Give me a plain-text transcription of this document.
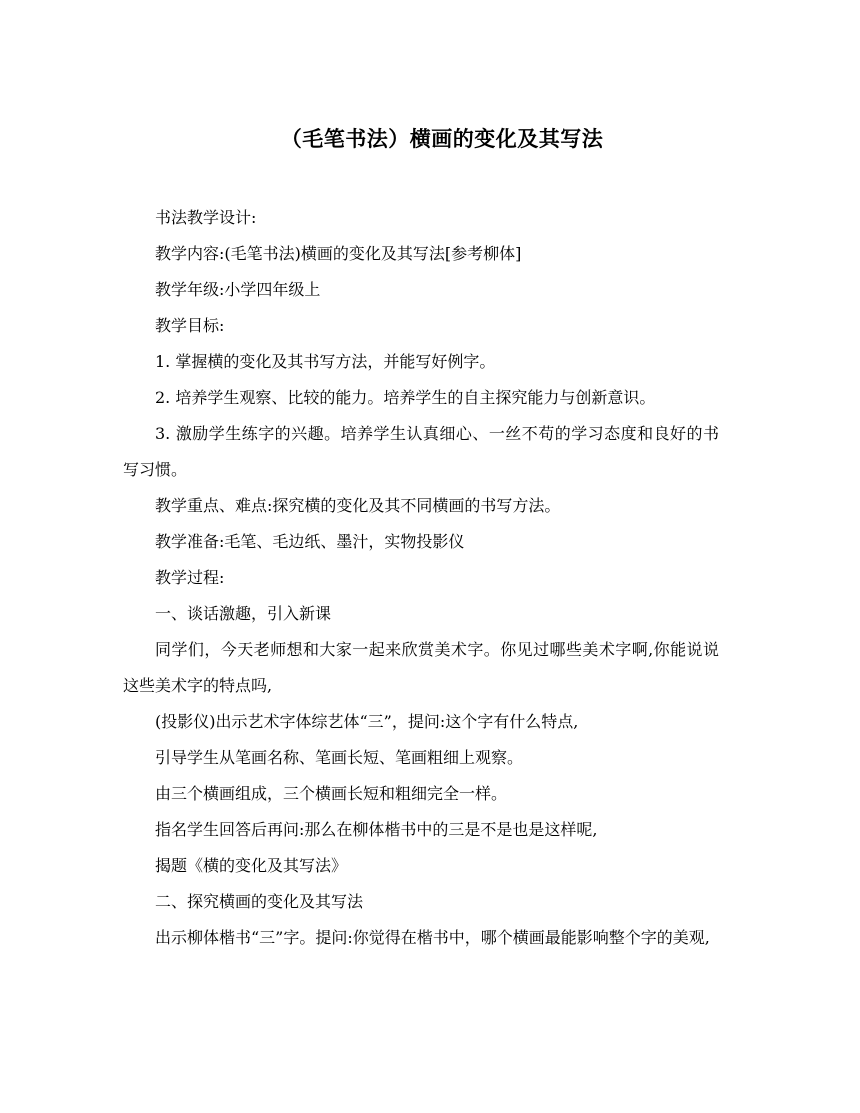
（毛笔书法）横画的变化及其写法

书法教学设计:

教学内容:(毛笔书法)横画的变化及其写法[参考柳体]

教学年级:小学四年级上

教学目标:

1. 掌握横的变化及其书写方法，并能写好例字。

2. 培养学生观察、比较的能力。培养学生的自主探究能力与创新意识。

3. 激励学生练字的兴趣。培养学生认真细心、一丝不苟的学习态度和良好的书写习惯。

教学重点、难点:探究横的变化及其不同横画的书写方法。

教学准备:毛笔、毛边纸、墨汁，实物投影仪

教学过程:

一、谈话激趣，引入新课

同学们，今天老师想和大家一起来欣赏美术字。你见过哪些美术字啊,你能说说这些美术字的特点吗,

(投影仪)出示艺术字体综艺体“三”，提问:这个字有什么特点,

引导学生从笔画名称、笔画长短、笔画粗细上观察。

由三个横画组成，三个横画长短和粗细完全一样。

指名学生回答后再问:那么在柳体楷书中的三是不是也是这样呢,

揭题《横的变化及其写法》

二、探究横画的变化及其写法

出示柳体楷书“三”字。提问:你觉得在楷书中，哪个横画最能影响整个字的美观,
